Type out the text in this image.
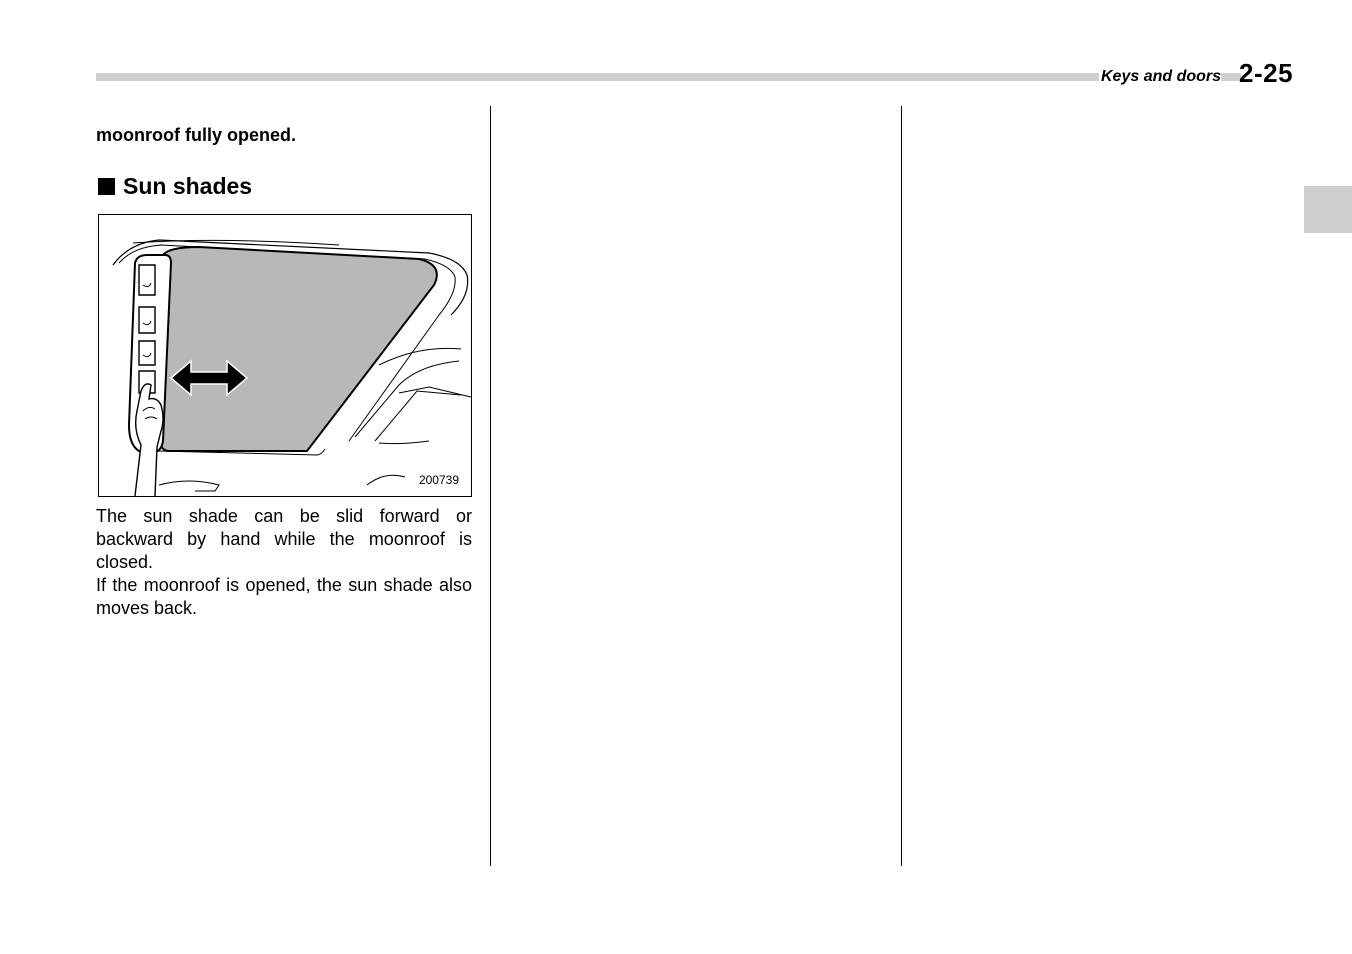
Keys and doors 2-25

moonroof fully opened.

Sun shades
200739

The sun shade can be slid forward or backward by hand while the moonroof is closed.

If the moonroof is opened, the sun shade also moves back.
